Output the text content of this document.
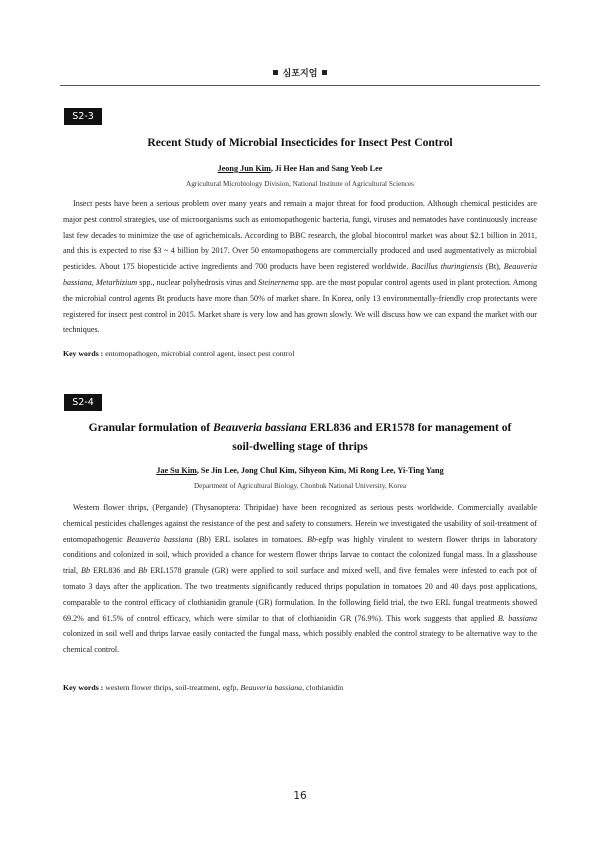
심포지엄
S2-3
Recent Study of Microbial Insecticides for Insect Pest Control
Jeong Jun Kim, Ji Hee Han and Sang Yeob Lee
Agricultural Microbiology Division, National Institute of Agricultural Sciences

Insect pests have been a serious problem over many years and remain a major threat for food production. Although chemical pesticides are major pest control strategies, use of microorganisms such as entomopathogenic bacteria, fungi, viruses and nematodes have continuously increase last few decades to minimize the use of agrichemicals. According to BBC research, the global biocontrol market was about $2.1 billion in 2011, and this is expected to rise $3 ~ 4 billion by 2017. Over 50 entomopathogens are commercially produced and used augmentatively as microbial pesticides. About 175 biopesticide active ingredients and 700 products have been registered worldwide. Bacillus thuringiensis (Bt), Beauveria bassiana, Metarhizium spp., nuclear polyhedrosis virus and Steinernema spp. are the most popular control agents used in plant protection. Among the microbial control agents Bt products have more than 50% of market share. In Korea, only 13 environmentally-friendly crop protectants were registered for insect pest control in 2015. Market share is very low and has grown slowly. We will discuss how we can expand the market with our techniques.

Key words : entomopathogen, microbial control agent, insect pest control
S2-4
Granular formulation of Beauveria bassiana ERL836 and ER1578 for management of
soil-dwelling stage of thrips
Jae Su Kim, Se Jin Lee, Jong Chul Kim, Sihyeon Kim, Mi Rong Lee, Yi-Ting Yang
Department of Agricultural Biology, Chonbuk National University, Korea

Western flower thrips, (Pergande) (Thysanoptera: Thripidae) have been recognized as serious pests worldwide. Commercially available chemical pesticides challenges against the resistance of the pest and safety to consumers. Herein we investigated the usability of soil-treatment of entomopathogenic Beauveria bassiana (Bb) ERL isolates in tomatoes. Bb-egfp was highly virulent to western flower thrips in laboratory conditions and colonized in soil, which provided a chance for western flower thrips larvae to contact the colonized fungal mass. In a glasshouse trial, Bb ERL836 and Bb ERL1578 granule (GR) were applied to soil surface and mixed well, and five females were infested to each pot of tomato 3 days after the application. The two treatments significantly reduced thrips population in tomatoes 20 and 40 days post applications, comparable to the control efficacy of clothianidin granule (GR) formulation. In the following field trial, the two ERL fungal treatments showed 69.2% and 61.5% of control efficacy, which were similar to that of clothianidin GR (76.9%). This work suggests that applied B. bassiana colonized in soil well and thrips larvae easily contacted the fungal mass, which possibly enabled the control strategy to be alternative way to the chemical control.

Key words : western flower thrips, soil-treatment, egfp, Beauveria bassiana, clothianidin
16
